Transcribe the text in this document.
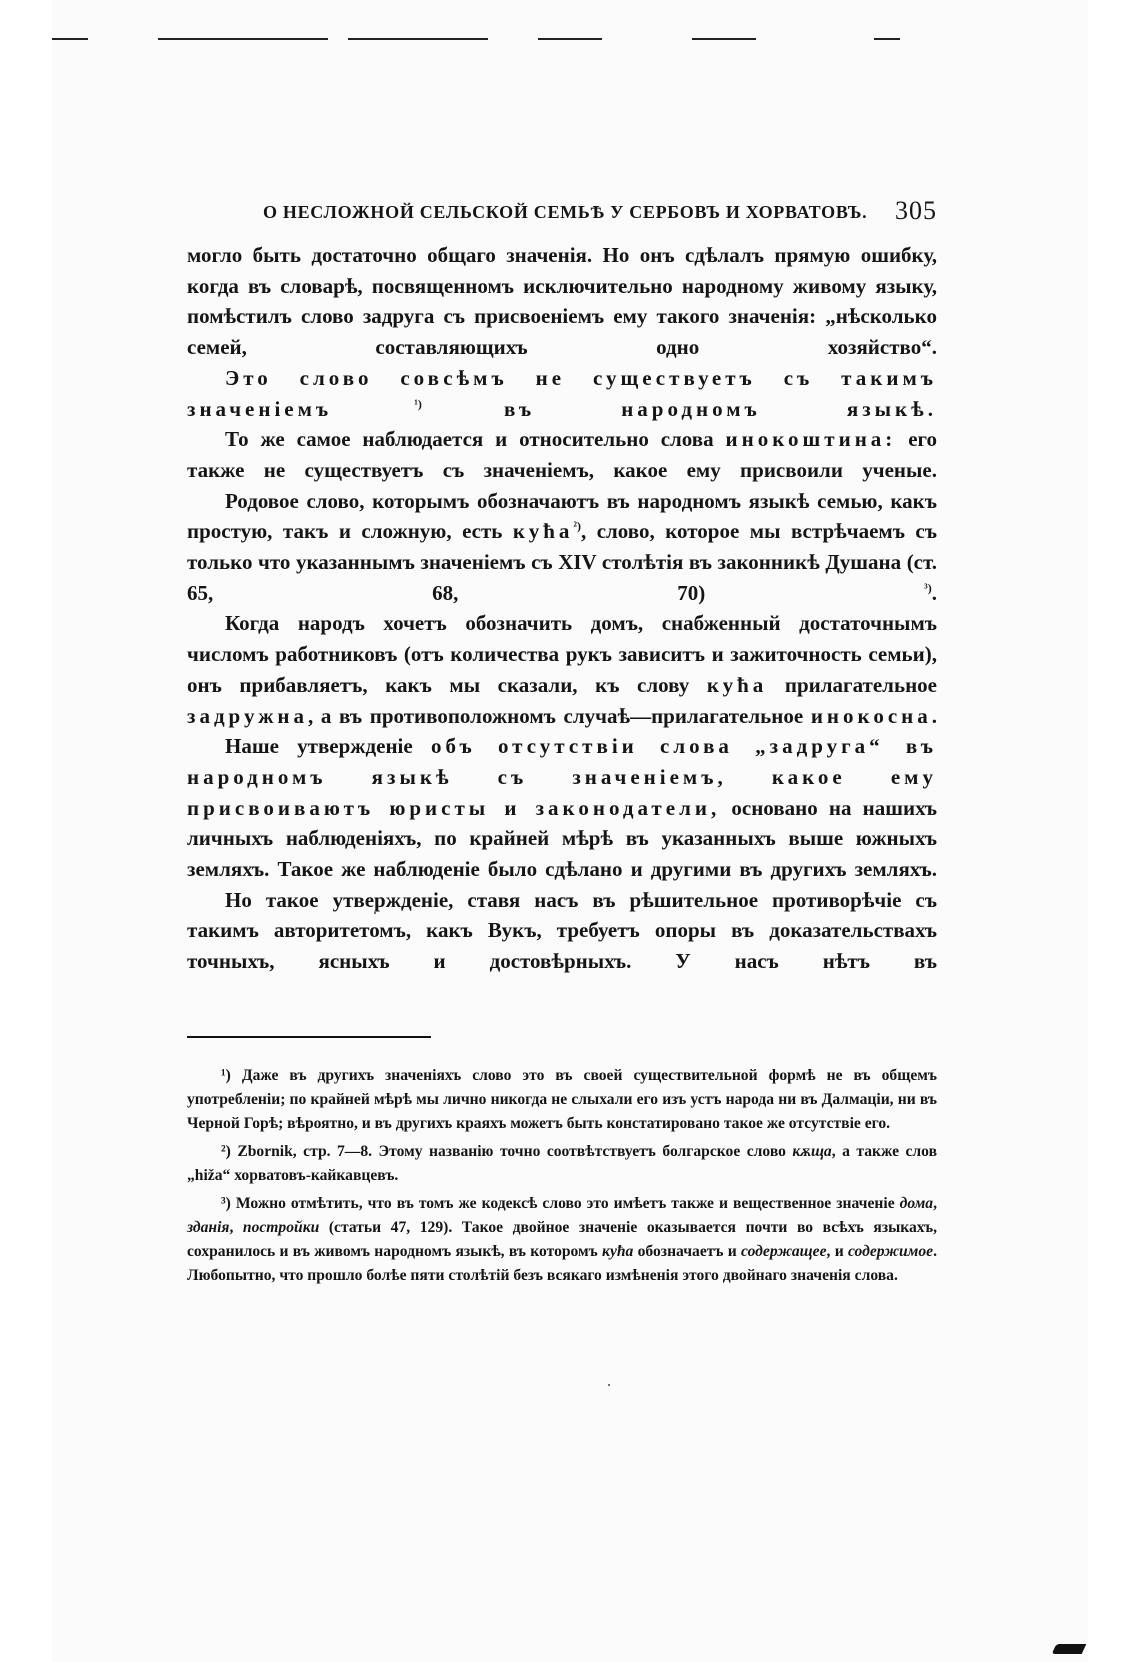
О НЕСЛОЖНОЙ СЕЛЬСКОЙ СЕМЬѢ У СЕРБОВЪ И ХОРВАТОВЪ. 305

могло быть достаточно общаго значенія. Но онъ сдѣлалъ прямую ошибку, когда въ словарѣ, посвященномъ исключительно народному живому языку, помѣстилъ слово задруга съ присвоеніемъ ему такого значенія: „нѣсколько семей, составляющихъ одно хозяйство“.

Это слово совсѣмъ не существуетъ съ такимъ значеніемъ	$^{^1)}$	въ народномъ языкѣ.

То же самое наблюдается и относительно слова инокоштина: его также не существуетъ съ значеніемъ, какое ему присвоили ученые.

Родовое слово, которымъ обозначаютъ въ народномъ языкѣ семью, какъ простую, такъ и сложную, есть кућа$^{^2)}$, слово, которое мы встрѣчаемъ съ только что указаннымъ значеніемъ съ XIV столѣтія въ законникѣ Душана (ст. 65, 68, 70)	$^{^3)}$.

Когда народъ хочетъ обозначить домъ, снабженный достаточнымъ числомъ работниковъ (отъ количества рукъ зависитъ и зажиточность семьи), онъ прибавляетъ, какъ мы сказали, къ слову кућа прилагательное задружна, а въ противоположномъ случаѣ—прилагательное инокосна.

Наше утвержденіе объ отсутствіи слова „задруга“ въ народномъ языкѣ съ значеніемъ, какое ему присвоиваютъ юристы и законодатели, основано на нашихъ личныхъ наблюденіяхъ, по крайней мѣрѣ въ указанныхъ выше южныхъ земляхъ. Такое же наблюденіе было сдѣлано и другими въ другихъ земляхъ.

Но такое утвержденіе, ставя насъ въ рѣшительное противорѣчіе съ такимъ авторитетомъ, какъ Вукъ, требуетъ опоры въ доказательствахъ точныхъ, ясныхъ и достовѣрныхъ. У насъ нѣтъ въ

¹) Даже въ другихъ значеніяхъ слово это въ своей существительной формѣ не въ общемъ употребленіи; по крайней мѣрѣ мы лично никогда не слыхали его изъ устъ народа ни въ Далмаціи, ни въ Черной Горѣ; вѣроятно, и въ другихъ краяхъ можетъ быть констатировано такое же отсутствіе его.

²) Zbornik, стр. 7—8. Этому названію точно соотвѣтствуетъ болгарское слово кѫща, а также слов „hiža“ хорватовъ-кайкавцевъ.

³) Можно отмѣтить, что въ томъ же кодексѣ слово это имѣетъ также и вещественное значеніе дома, зданія, постройки (статьи 47, 129). Такое двойное значеніе оказывается почти во всѣхъ языкахъ, сохранилось и въ живомъ народномъ языкѣ, въ которомъ кућа обозначаетъ и содержащее, и содержимое. Любопытно, что прошло болѣе пяти столѣтій безъ всякаго измѣненія этого двойнаго значенія слова.
